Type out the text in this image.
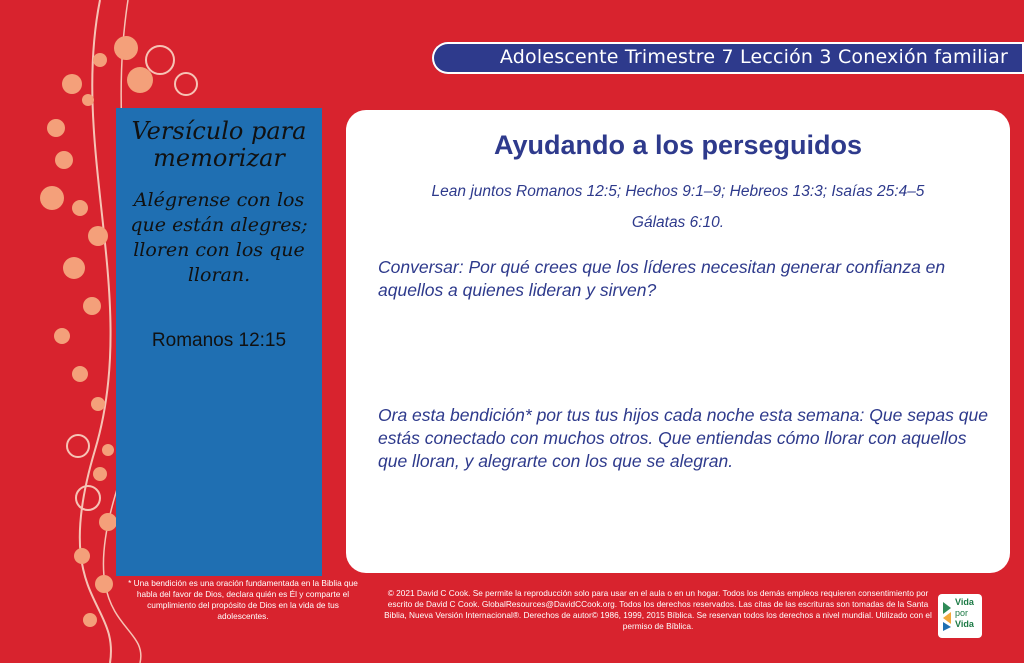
Adolescente Trimestre 7 Lección 3 Conexión familiar
Versículo para memorizar
Alégrense con los que están alegres; lloren con los que lloran.
Romanos 12:15
* Una bendición es una oración fundamentada en la Biblia que habla del favor de Dios, declara quién es Él y comparte el cumplimiento del propósito de Dios en la vida de tus adolescentes.
Ayudando a los perseguidos
Lean juntos Romanos 12:5; Hechos 9:1–9; Hebreos 13:3; Isaías 25:4–5
Gálatas 6:10.
Conversar: Por qué crees que los líderes necesitan generar confianza en aquellos a quienes lideran y sirven?
Ora esta bendición* por tus tus hijos cada noche esta semana: Que sepas que estás conectado con muchos otros. Que entiendas cómo llorar con aquellos que lloran, y alegrarte con los que se alegran.
© 2021 David C Cook. Se permite la reproducción solo para usar en el aula o en un hogar. Todos los demás empleos requieren consentimiento por escrito de David C Cook. GlobalResources@DavidCCook.org. Todos los derechos reservados. Las citas de las escrituras son tomadas de la Santa Biblia, Nueva Versión Internacional®. Derechos de autor© 1986, 1999, 2015 Bíblica. Se reservan todos los derechos a nivel mundial. Utilizado con el permiso de Bíblica.
Vida
por
Vida
